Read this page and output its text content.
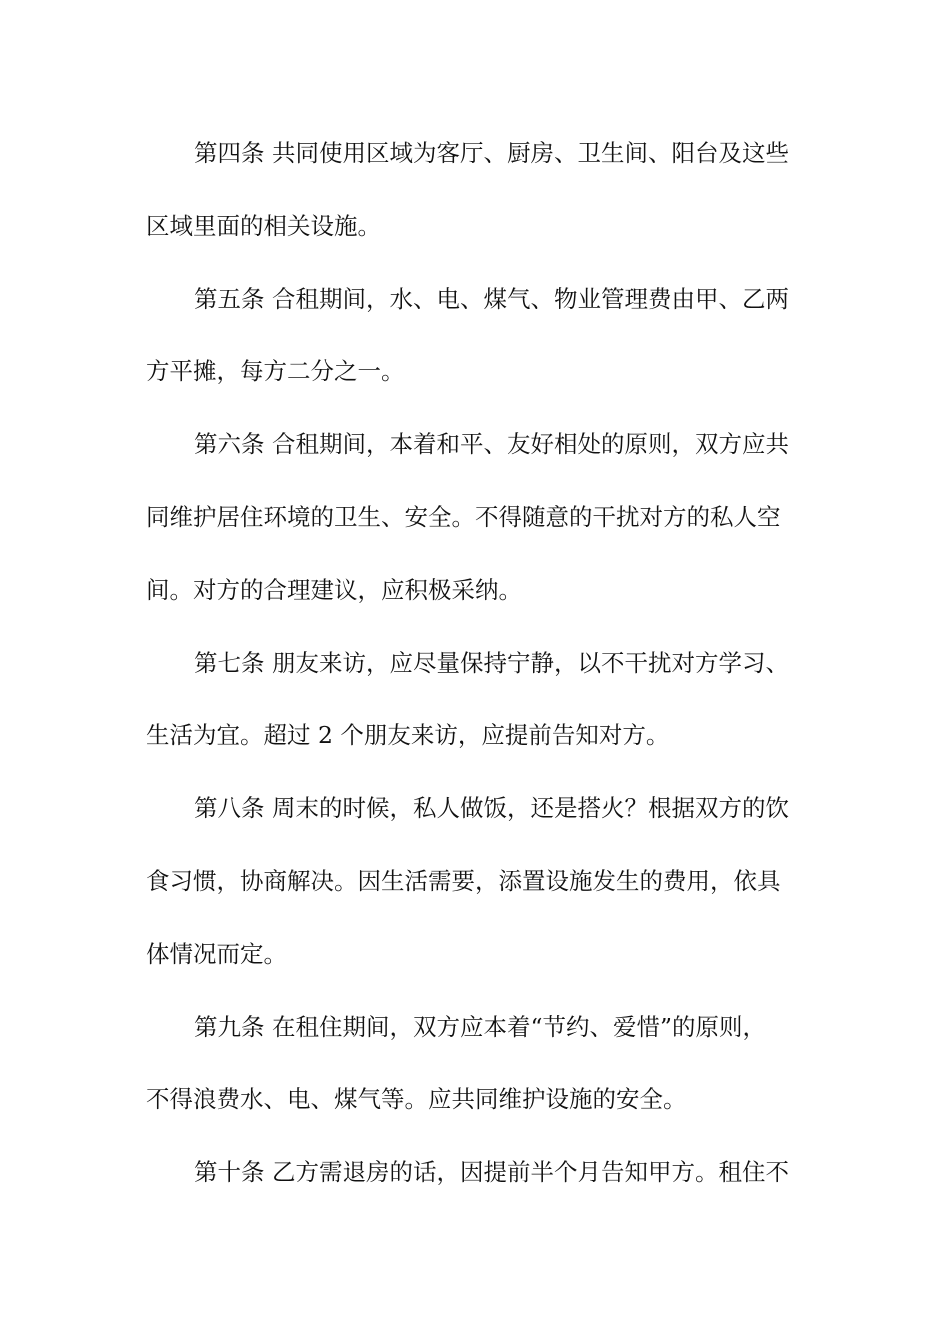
第四条 共同使用区域为客厅、厨房、卫生间、阳台及这些
区域里面的相关设施。
第五条 合租期间，水、电、煤气、物业管理费由甲、乙两
方平摊，每方二分之一。
第六条 合租期间，本着和平、友好相处的原则，双方应共
同维护居住环境的卫生、安全。不得随意的干扰对方的私人空
间。对方的合理建议，应积极采纳。
第七条 朋友来访，应尽量保持宁静，以不干扰对方学习、
生活为宜。超过 2 个朋友来访，应提前告知对方。
第八条 周末的时候，私人做饭，还是搭火？根据双方的饮
食习惯，协商解决。因生活需要，添置设施发生的费用，依具
体情况而定。
第九条 在租住期间，双方应本着“节约、爱惜”的原则，
不得浪费水、电、煤气等。应共同维护设施的安全。
第十条 乙方需退房的话，因提前半个月告知甲方。租住不
